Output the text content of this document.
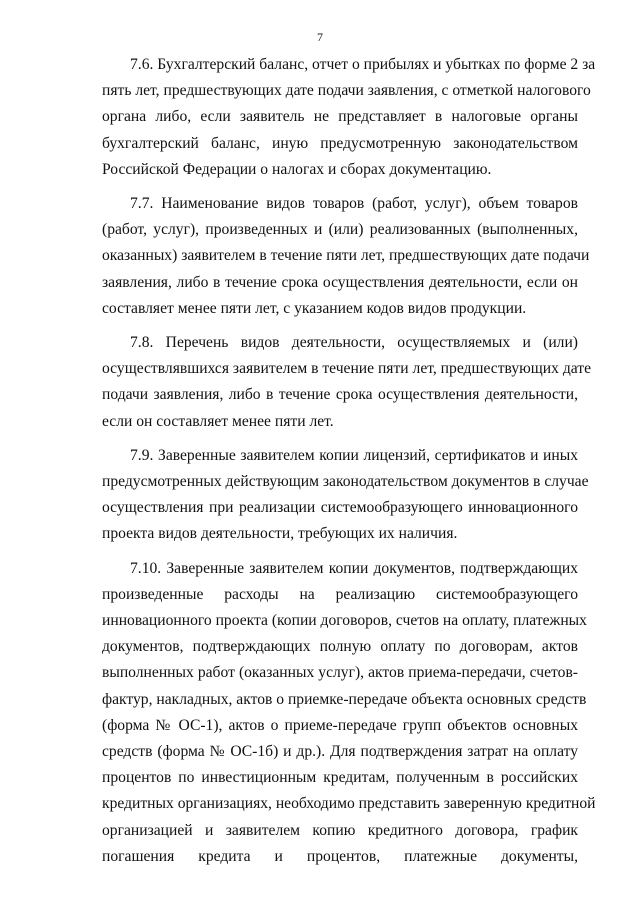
7

7.6. Бухгалтерский баланс, отчет о прибылях и убытках по форме 2 за
пять лет, предшествующих дате подачи заявления, с отметкой налогового
органа либо, если заявитель не представляет в налоговые органы
бухгалтерский баланс, иную предусмотренную законодательством
Российской Федерации о налогах и сборах документацию.

7.7. Наименование видов товаров (работ, услуг), объем товаров
(работ, услуг), произведенных и (или) реализованных (выполненных,
оказанных) заявителем в течение пяти лет, предшествующих дате подачи
заявления, либо в течение срока осуществления деятельности, если он
составляет менее пяти лет, с указанием кодов видов продукции.

7.8. Перечень видов деятельности, осуществляемых и (или)
осуществлявшихся заявителем в течение пяти лет, предшествующих дате
подачи заявления, либо в течение срока осуществления деятельности,
если он составляет менее пяти лет.

7.9. Заверенные заявителем копии лицензий, сертификатов и иных
предусмотренных действующим законодательством документов в случае
осуществления при реализации системообразующего инновационного
проекта видов деятельности, требующих их наличия.

7.10. Заверенные заявителем копии документов, подтверждающих
произведенные расходы на реализацию системообразующего
инновационного проекта (копии договоров, счетов на оплату, платежных
документов, подтверждающих полную оплату по договорам, актов
выполненных работ (оказанных услуг), актов приема-передачи, счетов-
фактур, накладных, актов о приемке-передаче объекта основных средств
(форма № ОС-1), актов о приеме-передаче групп объектов основных
средств (форма № ОС-1б) и др.). Для подтверждения затрат на оплату
процентов по инвестиционным кредитам, полученным в российских
кредитных организациях, необходимо представить заверенную кредитной
организацией и заявителем копию кредитного договора, график
погашения кредита и процентов, платежные документы,
